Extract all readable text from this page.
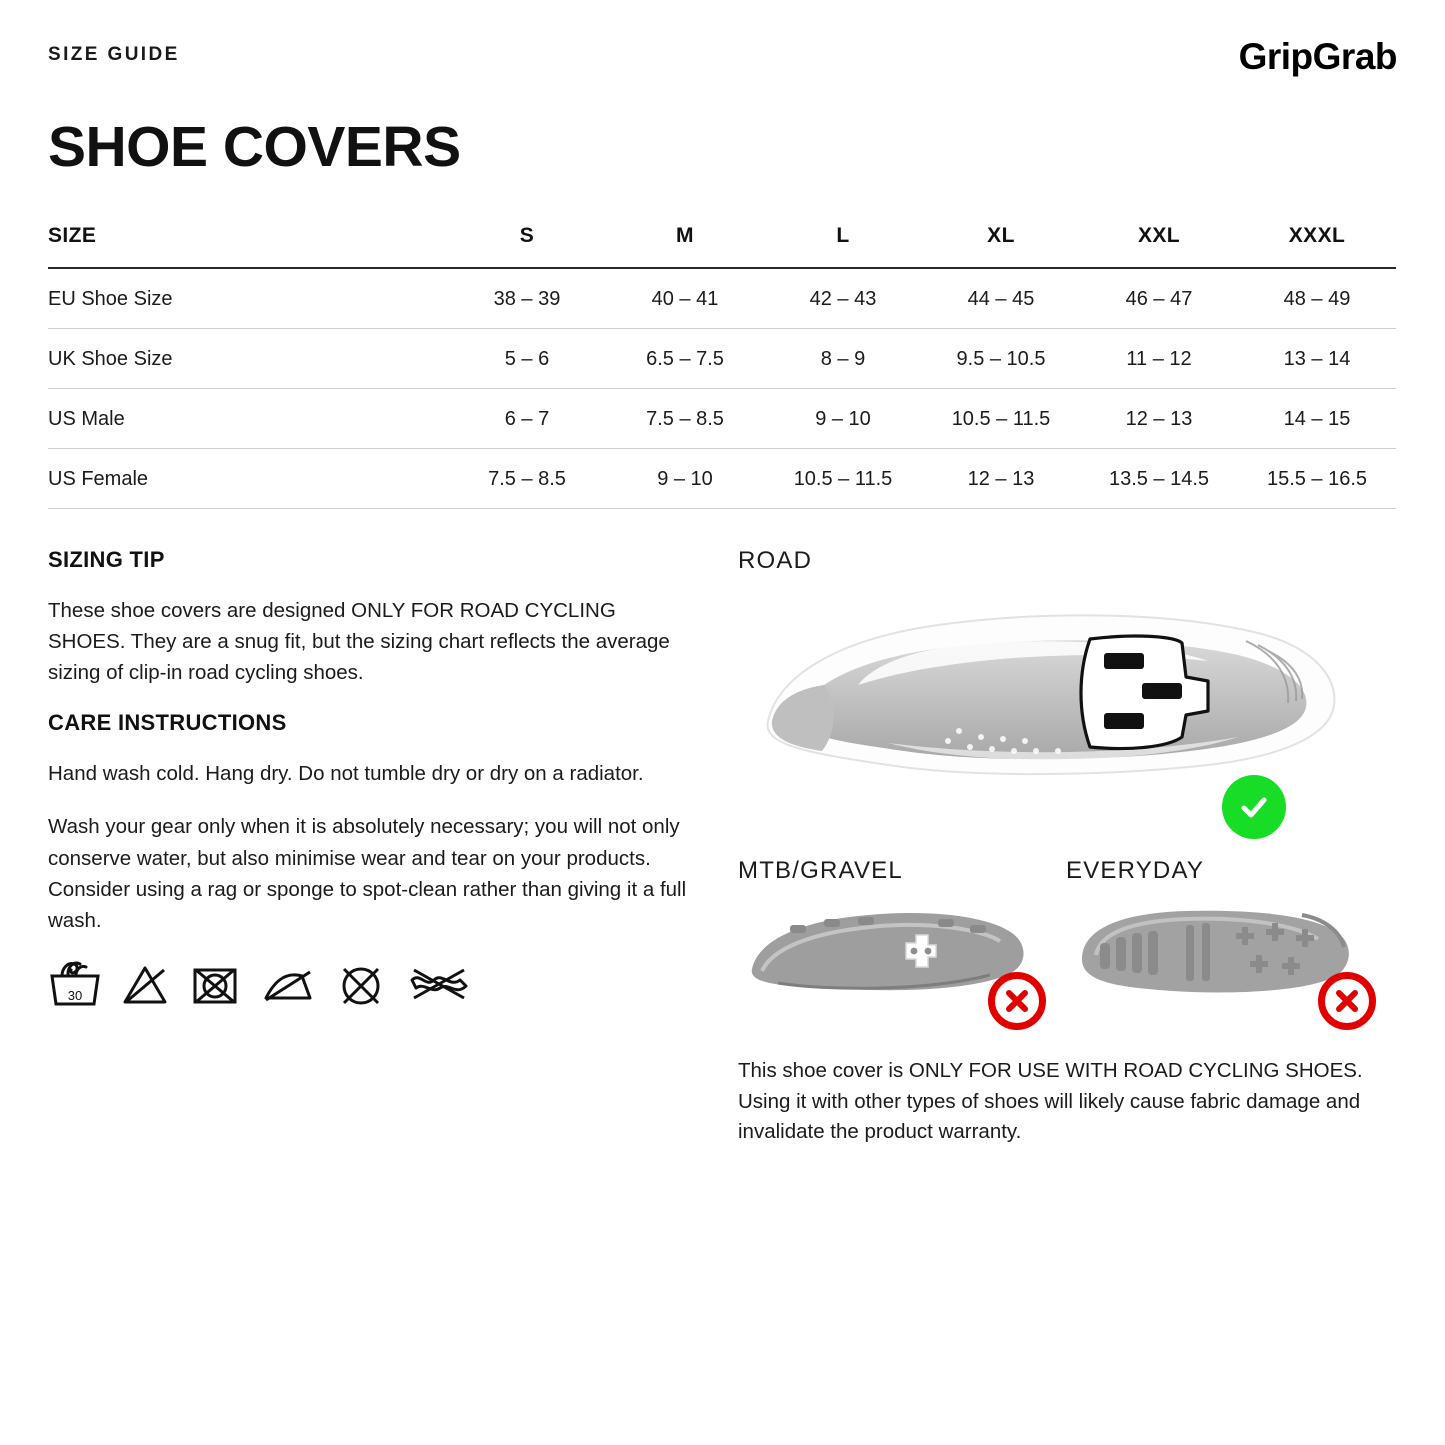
SIZE GUIDE	GripGrab
SHOE COVERS
SIZE	S	M	L	XL	XXL	XXXL
EU Shoe Size	38 – 39	40 – 41	42 – 43	44 – 45	46 – 47	48 – 49
UK Shoe Size	5 – 6	6.5 – 7.5	8 – 9	9.5 – 10.5	11 – 12	13 – 14
US Male	6 – 7	7.5 – 8.5	9 – 10	10.5 – 11.5	12 – 13	14 – 15
US Female	7.5 – 8.5	9 – 10	10.5 – 11.5	12 – 13	13.5 – 14.5	15.5 – 16.5
SIZING TIP

These shoe covers are designed ONLY FOR ROAD CYCLING SHOES. They are a snug fit, but the sizing chart reflects the average sizing of clip-in road cycling shoes.

CARE INSTRUCTIONS

Hand wash cold. Hang dry. Do not tumble dry or dry on a radiator.

Wash your gear only when it is absolutely necessary; you will not only conserve water, but also minimise wear and tear on your products. Consider using a rag or sponge to spot-clean rather than giving it a full wash.

30
ROAD
MTB/GRAVEL	EVERYDAY

This shoe cover is ONLY FOR USE WITH ROAD CYCLING SHOES. Using it with other types of shoes will likely cause fabric damage and invalidate the product warranty.
